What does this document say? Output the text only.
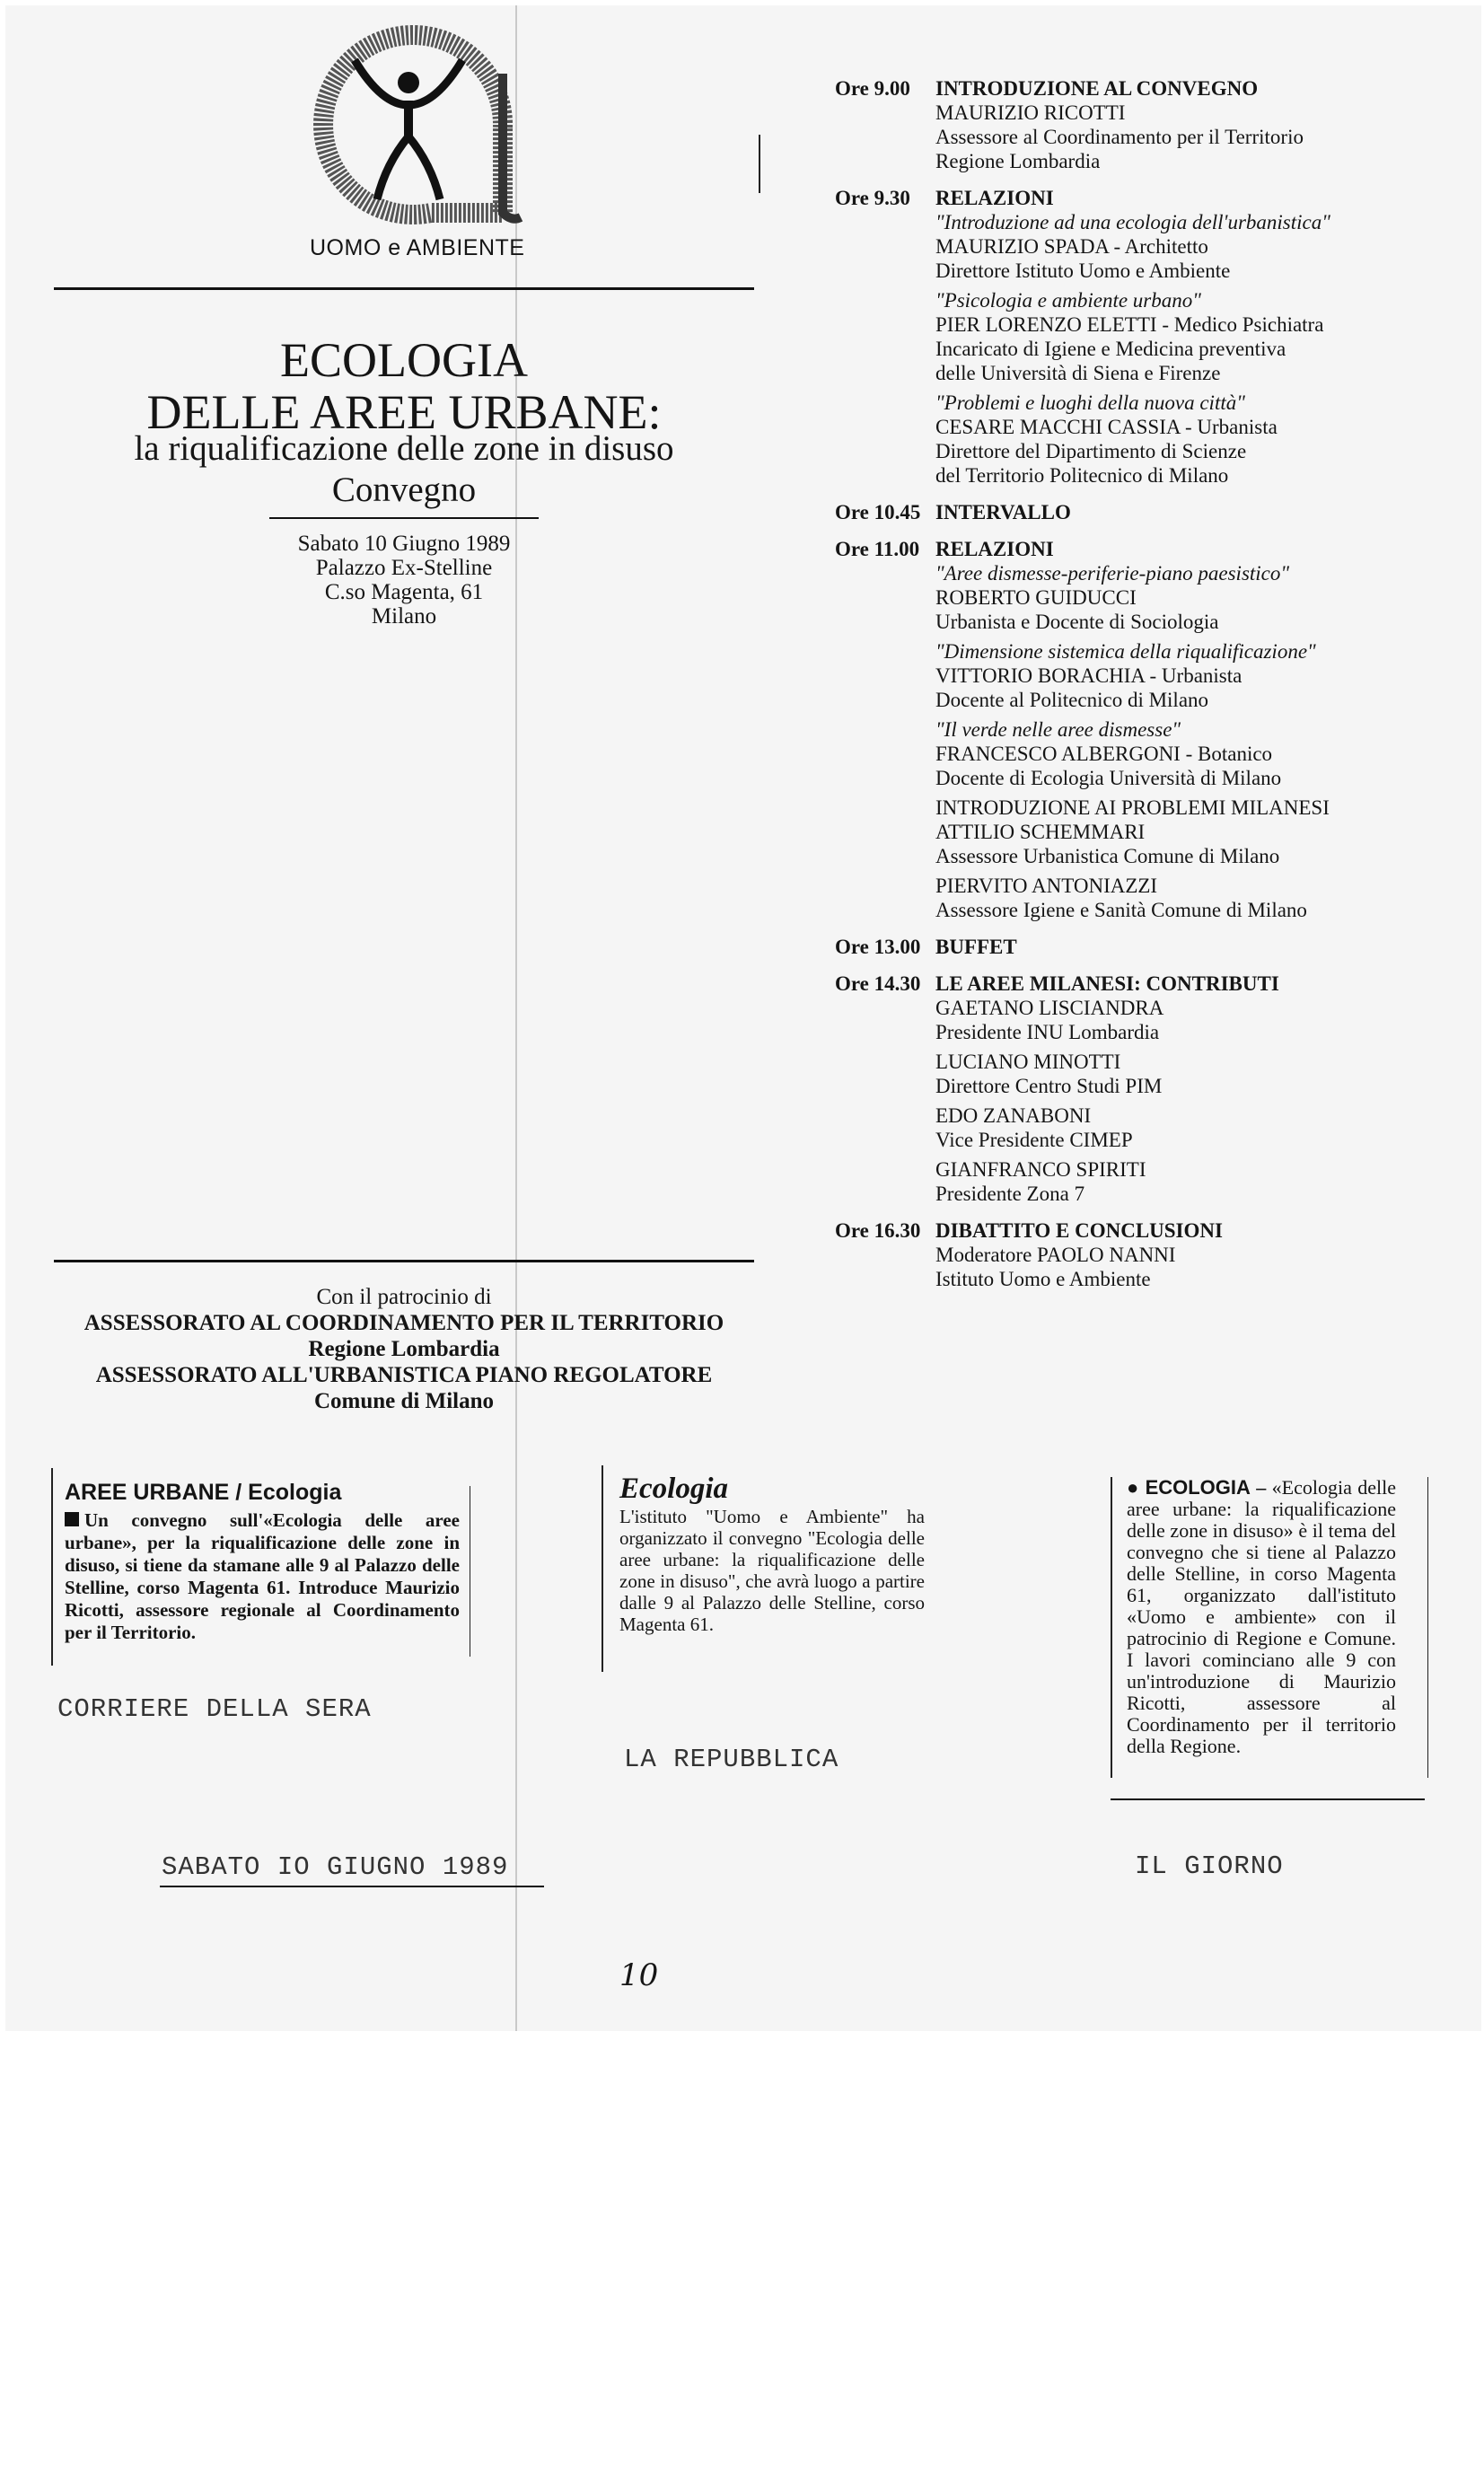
UOMO e AMBIENTE
ECOLOGIA
DELLE AREE URBANE:
la riqualificazione delle zone in disuso
Convegno
Sabato 10 Giugno 1989
Palazzo Ex-Stelline
C.so Magenta, 61
Milano
Ore 9.00 INTRODUZIONE AL CONVEGNO
MAURIZIO RICOTTI
Assessore al Coordinamento per il Territorio
Regione Lombardia
Ore 9.30 RELAZIONI
"Introduzione ad una ecologia dell'urbanistica"
MAURIZIO SPADA - Architetto
Direttore Istituto Uomo e Ambiente
"Psicologia e ambiente urbano"
PIER LORENZO ELETTI - Medico Psichiatra
Incaricato di Igiene e Medicina preventiva
delle Università di Siena e Firenze
"Problemi e luoghi della nuova città"
CESARE MACCHI CASSIA - Urbanista
Direttore del Dipartimento di Scienze
del Territorio Politecnico di Milano
Ore 10.45 INTERVALLO
Ore 11.00 RELAZIONI
"Aree dismesse-periferie-piano paesistico"
ROBERTO GUIDUCCI
Urbanista e Docente di Sociologia
"Dimensione sistemica della riqualificazione"
VITTORIO BORACHIA - Urbanista
Docente al Politecnico di Milano
"Il verde nelle aree dismesse"
FRANCESCO ALBERGONI - Botanico
Docente di Ecologia Università di Milano
INTRODUZIONE AI PROBLEMI MILANESI
ATTILIO SCHEMMARI
Assessore Urbanistica Comune di Milano
PIERVITO ANTONIAZZI
Assessore Igiene e Sanità Comune di Milano
Ore 13.00 BUFFET
Ore 14.30 LE AREE MILANESI: CONTRIBUTI
GAETANO LISCIANDRA
Presidente INU Lombardia
LUCIANO MINOTTI
Direttore Centro Studi PIM
EDO ZANABONI
Vice Presidente CIMEP
GIANFRANCO SPIRITI
Presidente Zona 7
Ore 16.30 DIBATTITO E CONCLUSIONI
Moderatore PAOLO NANNI
Istituto Uomo e Ambiente
Con il patrocinio di
ASSESSORATO AL COORDINAMENTO PER IL TERRITORIO
Regione Lombardia
ASSESSORATO ALL'URBANISTICA PIANO REGOLATORE
Comune di Milano
AREE URBANE / Ecologia
Un convegno sull'«Ecologia delle aree urbane», per la riqualificazione delle zone in disuso, si tiene da stamane alle 9 al Palazzo delle Stelline, corso Magenta 61. Introduce Maurizio Ricotti, assessore regionale al Coordinamento per il Territorio.
CORRIERE DELLA SERA
Ecologia
L'istituto "Uomo e Ambiente" ha organizzato il convegno "Ecologia delle aree urbane: la riqualificazione delle zone in disuso", che avrà luogo a partire dalle 9 al Palazzo delle Stelline, corso Magenta 61.
LA REPUBBLICA
● ECOLOGIA – «Ecologia delle aree urbane: la riqualificazione delle zone in disuso» è il tema del convegno che si tiene al Palazzo delle Stelline, in corso Magenta 61, organizzato dall'istituto «Uomo e ambiente» con il patrocinio di Regione e Comune. I lavori cominciano alle 9 con un'introduzione di Maurizio Ricotti, assessore al Coordinamento per il territorio della Regione.
IL GIORNO
SABATO IO GIUGNO 1989
10
